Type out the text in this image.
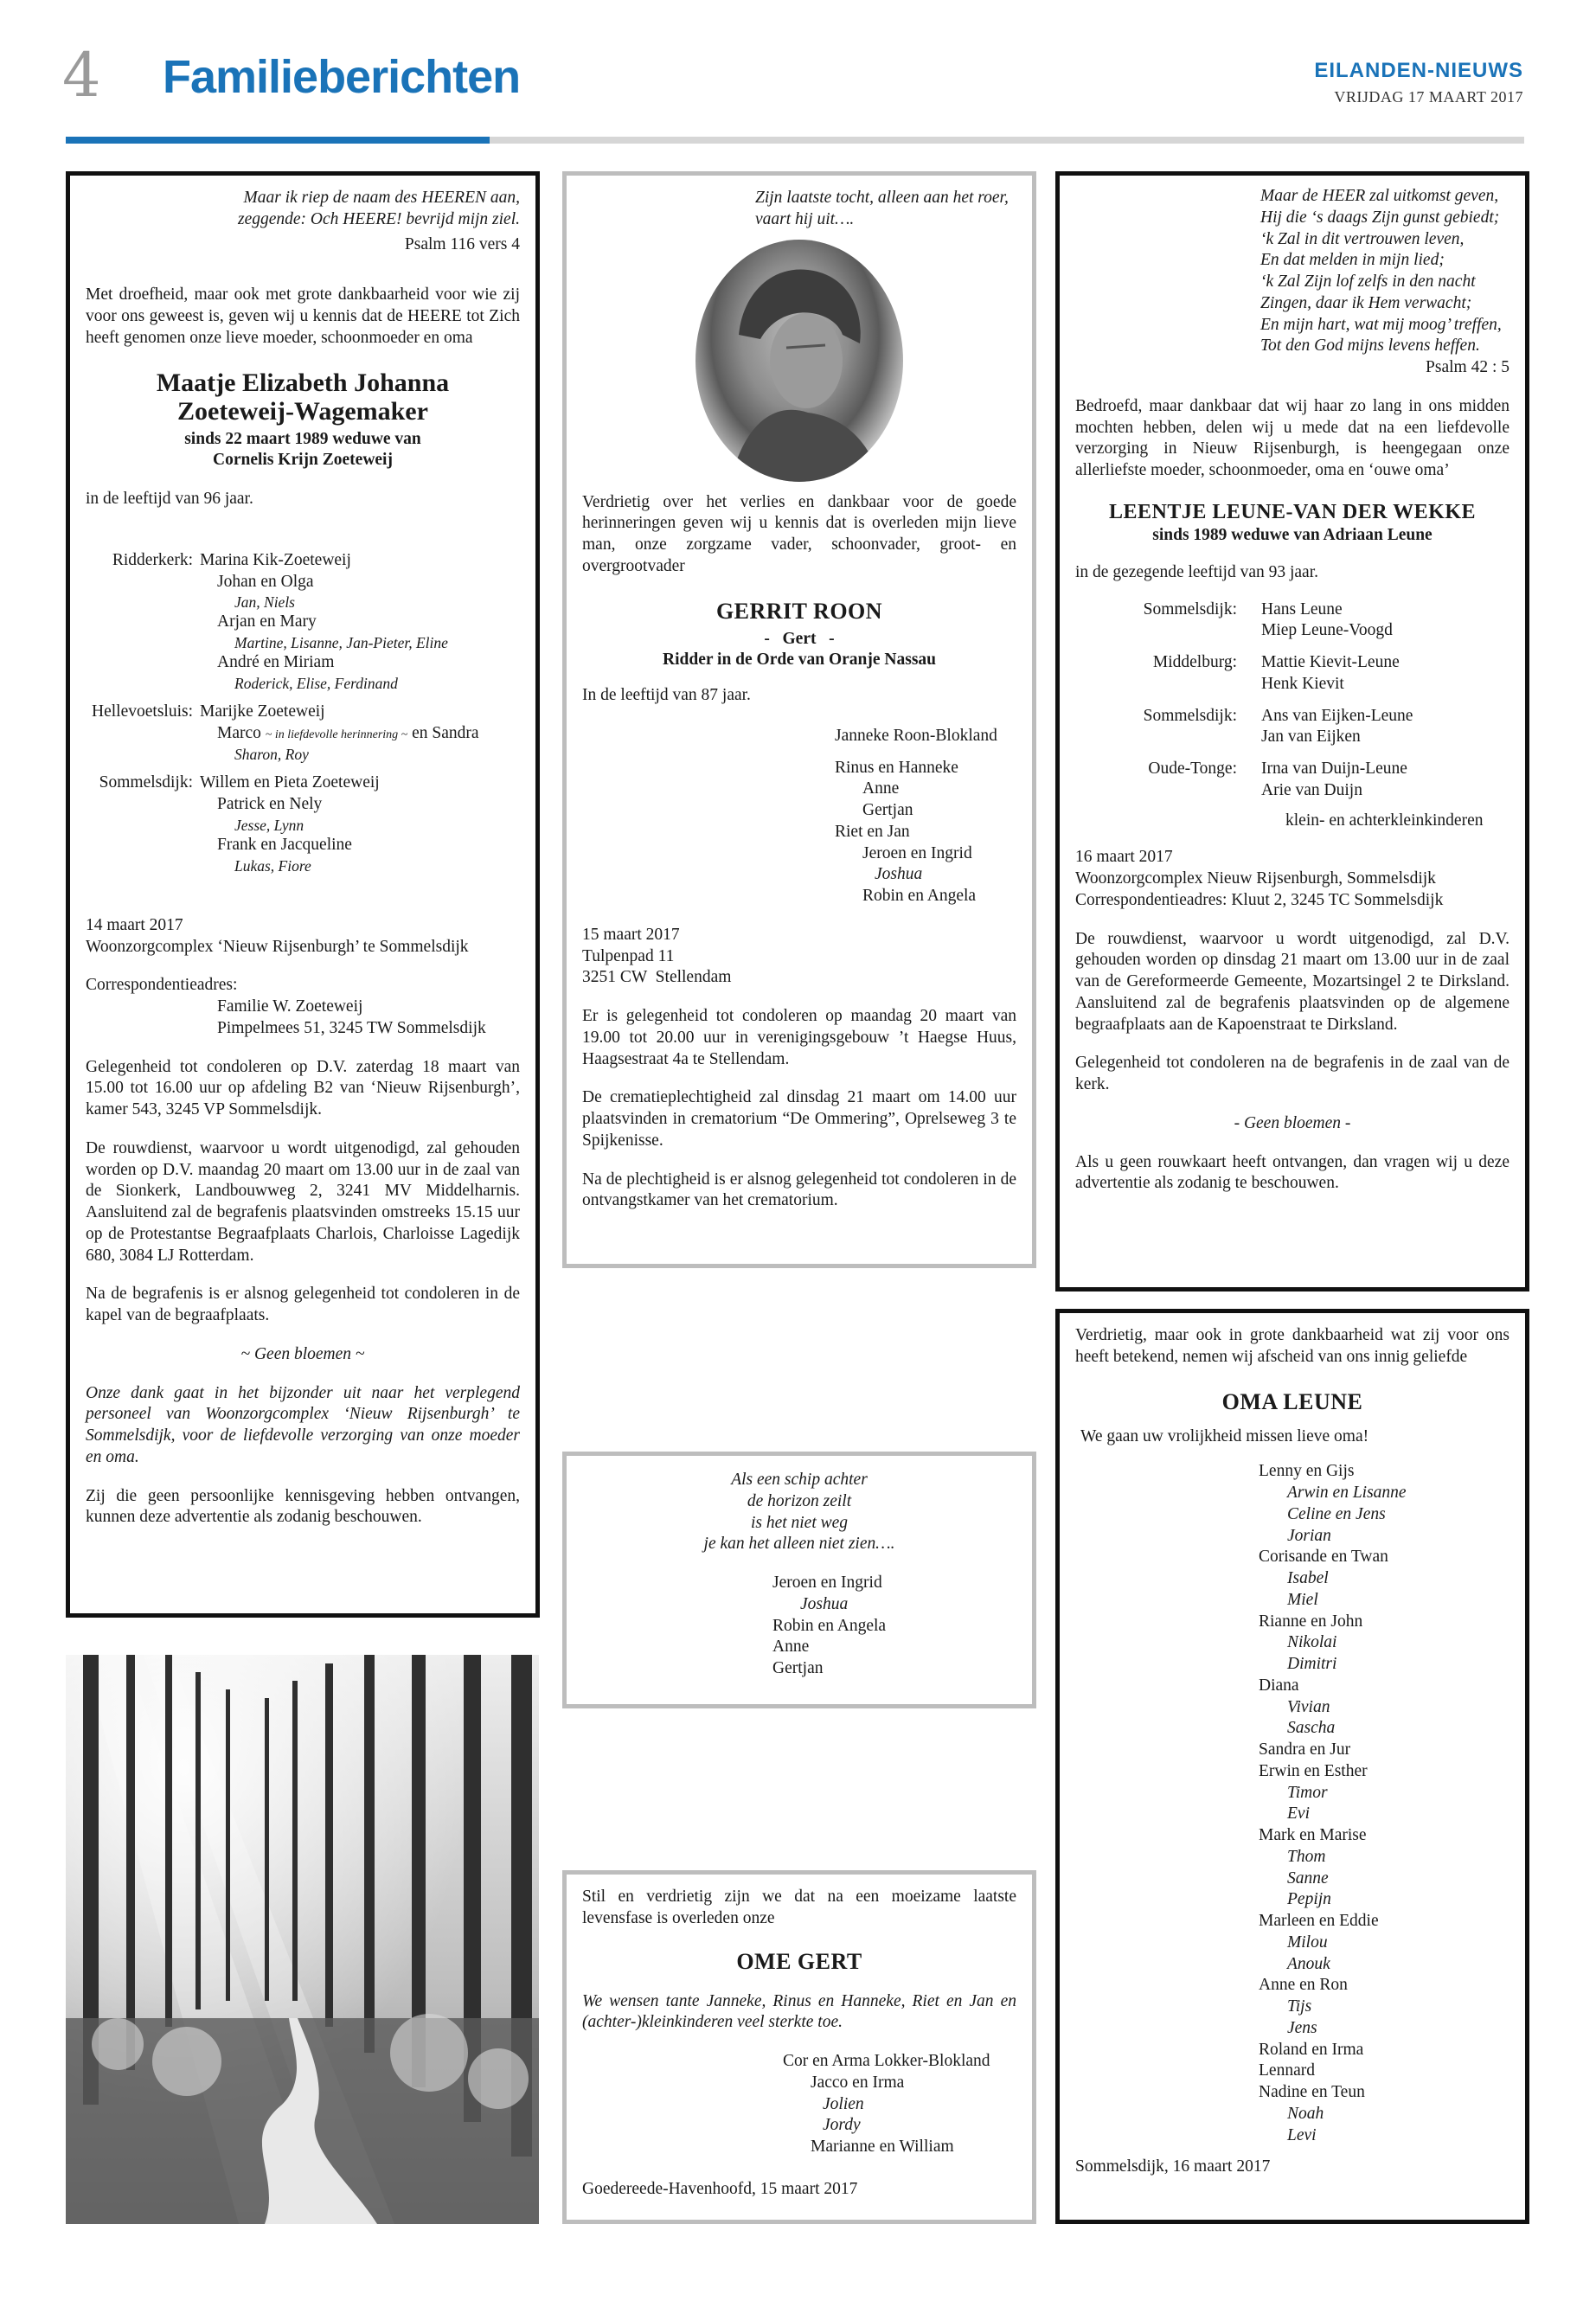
4 Familieberichten	EILANDEN-NIEUWS
VRIJDAG 17 MAART 2017

Maar ik riep de naam des HEEREN aan,

zeggende: Och HEERE! bevrijd mijn ziel.

Psalm 116 vers 4

Met droefheid, maar ook met grote dankbaarheid voor wie zij voor ons geweest is, geven wij u kennis dat de HEERE tot Zich heeft genomen onze lieve moeder, schoonmoeder en oma

Maatje Elizabeth Johanna

Zoeteweij-Wagemaker

sinds 22 maart 1989 weduwe van

Cornelis Krijn Zoeteweij

in de leeftijd van 96 jaar.

Ridderkerk: Marina Kik-Zoeteweij

Johan en Olga

Jan, Niels

Arjan en Mary

Martine, Lisanne, Jan-Pieter, Eline

André en Miriam

Roderick, Elise, Ferdinand

Hellevoetsluis: Marijke Zoeteweij

Marco ~ in liefdevolle herinnering ~ en Sandra

Sharon, Roy

Sommelsdijk: Willem en Pieta Zoeteweij

Patrick en Nely

Jesse, Lynn

Frank en Jacqueline

Lukas, Fiore

14 maart 2017

Woonzorgcomplex ‘Nieuw Rijsenburgh’ te Sommelsdijk

Correspondentieadres:

Familie W. Zoeteweij

Pimpelmees 51, 3245 TW Sommelsdijk

Gelegenheid tot condoleren op D.V. zaterdag 18 maart van 15.00 tot 16.00 uur op afdeling B2 van ‘Nieuw Rijsenburgh’, kamer 543, 3245 VP Sommelsdijk.

De rouwdienst, waarvoor u wordt uitgenodigd, zal gehouden worden op D.V. maandag 20 maart om 13.00 uur in de zaal van de Sionkerk, Landbouwweg 2, 3241 MV Middelharnis. Aansluitend zal de begrafenis plaatsvinden omstreeks 15.15 uur op de Protestantse Begraafplaats Charlois, Charloisse Lagedijk 680, 3084 LJ Rotterdam.

Na de begrafenis is er alsnog gelegenheid tot condoleren in de kapel van de begraafplaats.

~ Geen bloemen ~

Onze dank gaat in het bijzonder uit naar het verplegend personeel van Woonzorgcomplex ‘Nieuw Rijsenburgh’ te Sommelsdijk, voor de liefdevolle verzorging van onze moeder en oma.

Zij die geen persoonlijke kennisgeving hebben ontvangen, kunnen deze advertentie als zodanig beschouwen.

Zijn laatste tocht, alleen aan het roer,

vaart hij uit….

Verdrietig over het verlies en dankbaar voor de goede herinneringen geven wij u kennis dat is overleden mijn lieve man, onze zorgzame vader, schoonvader, groot- en overgrootvader

GERRIT ROON

-   Gert   -

Ridder in de Orde van Oranje Nassau

In de leeftijd van 87 jaar.

Janneke Roon-Blokland

Rinus en Hanneke

Anne

Gertjan

Riet en Jan

Jeroen en Ingrid

Joshua

Robin en Angela

15 maart 2017

Tulpenpad 11

3251 CW  Stellendam

Er is gelegenheid tot condoleren op maandag 20 maart van 19.00 tot 20.00 uur in verenigingsgebouw ’t Haegse Huus, Haagsestraat 4a te Stellendam.

De crematieplechtigheid zal dinsdag 21 maart om 14.00 uur plaatsvinden in crematorium “De Ommering”, Oprelseweg 3 te Spijkenisse.

Na de plechtigheid is er alsnog gelegenheid tot condoleren in de ontvangstkamer van het crematorium.

Als een schip achter

de horizon zeilt

is het niet weg

je kan het alleen niet zien….

Jeroen en Ingrid

Joshua

Robin en Angela

Anne

Gertjan

Stil en verdrietig zijn we dat na een moeizame laatste levensfase is overleden onze

OME GERT

We wensen tante Janneke, Rinus en Hanneke, Riet en Jan en (achter-)kleinkinderen veel sterkte toe.

Cor en Arma Lokker-Blokland

Jacco en Irma

Jolien

Jordy

Marianne en William

Goedereede-Havenhoofd, 15 maart 2017

Maar de HEER zal uitkomst geven,

Hij die ‘s daags Zijn gunst gebiedt;

‘k Zal in dit vertrouwen leven,

En dat melden in mijn lied;

‘k Zal Zijn lof zelfs in den nacht

Zingen, daar ik Hem verwacht;

En mijn hart, wat mij moog’ treffen,

Tot den God mijns levens heffen.

Psalm 42 : 5

Bedroefd, maar dankbaar dat wij haar zo lang in ons midden mochten hebben, delen wij u mede dat na een liefdevolle verzorging in Nieuw Rijsenburgh, is heengegaan onze allerliefste moeder, schoonmoeder, oma en ‘ouwe oma’

LEENTJE LEUNE-VAN DER WEKKE

sinds 1989 weduwe van Adriaan Leune

in de gezegende leeftijd van 93 jaar.

Sommelsdijk:	Hans Leune

Miep Leune-Voogd

Middelburg:	Mattie Kievit-Leune

Henk Kievit

Sommelsdijk:	Ans van Eijken-Leune

Jan van Eijken

Oude-Tonge:	Irna van Duijn-Leune

Arie van Duijn

klein- en achterkleinkinderen

16 maart 2017

Woonzorgcomplex Nieuw Rijsenburgh, Sommelsdijk

Correspondentieadres: Kluut 2, 3245 TC Sommelsdijk

De rouwdienst, waarvoor u wordt uitgenodigd, zal D.V. gehouden worden op dinsdag 21 maart om 13.00 uur in de zaal van de Gereformeerde Gemeente, Mozartsingel 2 te Dirksland. Aansluitend zal de begrafenis plaatsvinden op de algemene begraafplaats aan de Kapoenstraat te Dirksland.

Gelegenheid tot condoleren na de begrafenis in de zaal van de kerk.

- Geen bloemen -

Als u geen rouwkaart heeft ontvangen, dan vragen wij u deze advertentie als zodanig te beschouwen.

Verdrietig, maar ook in grote dankbaarheid wat zij voor ons heeft betekend, nemen wij afscheid van ons innig geliefde

OMA LEUNE

We gaan uw vrolijkheid missen lieve oma!

Lenny en Gijs

Arwin en Lisanne

Celine en Jens

Jorian

Corisande en Twan

Isabel

Miel

Rianne en John

Nikolai

Dimitri

Diana

Vivian

Sascha

Sandra en Jur

Erwin en Esther

Timor

Evi

Mark en Marise

Thom

Sanne

Pepijn

Marleen en Eddie

Milou

Anouk

Anne en Ron

Tijs

Jens

Roland en Irma

Lennard

Nadine en Teun

Noah

Levi

Sommelsdijk, 16 maart 2017
